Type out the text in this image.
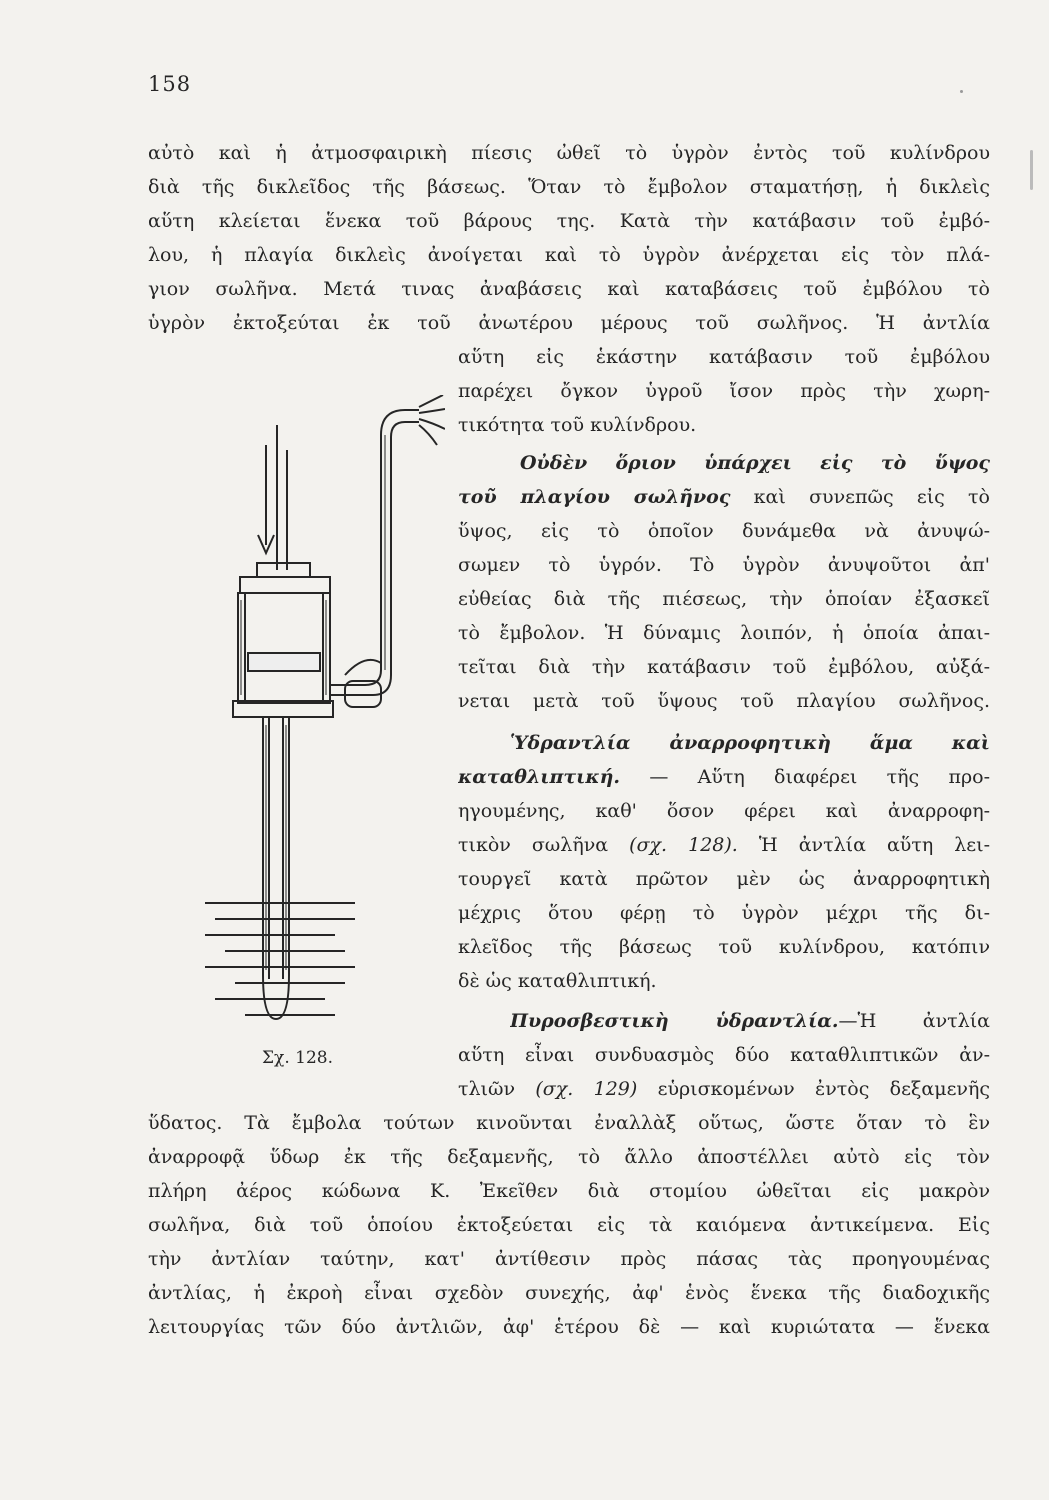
158
αὐτὸ καὶ ἡ ἀτμοσφαιρικὴ πίεσις ὠθεῖ τὸ ὑγρὸν ἐντὸς τοῦ κυλίνδρου
διὰ τῆς δικλεῖδος τῆς βάσεως. Ὅταν τὸ ἔμβολον σταματήσῃ, ἡ δικλεὶς
αὕτη κλείεται ἕνεκα τοῦ βάρους της. Κατὰ τὴν κατάβασιν τοῦ ἐμβό-
λου, ἡ πλαγία δικλεὶς ἀνοίγεται καὶ τὸ ὑγρὸν ἀνέρχεται εἰς τὸν πλά-
γιον σωλῆνα. Μετά τινας ἀναβάσεις καὶ καταβάσεις τοῦ ἐμβόλου τὸ
ὑγρὸν ἐκτοξεύται ἐκ τοῦ ἀνωτέρου μέρους τοῦ σωλῆνος. Ἡ ἀντλία
αὕτη εἰς ἑκάστην κατάβασιν τοῦ ἐμβόλου
παρέχει ὄγκον ὑγροῦ ἴσον πρὸς τὴν χωρη-
τικότητα τοῦ κυλίνδρου.
Σχ. 128.
Οὐδὲν ὅριον ὑπάρχει εἰς τὸ ὕψος
τοῦ πλαγίου σωλῆνος καὶ συνεπῶς εἰς τὸ
ὕψος, εἰς τὸ ὁποῖον δυνάμεθα νὰ ἀνυψώ-
σωμεν τὸ ὑγρόν. Τὸ ὑγρὸν ἀνυψοῦτοι ἀπ'
εὐθείας διὰ τῆς πιέσεως, τὴν ὁποίαν ἐξασκεῖ
τὸ ἔμβολον. Ἡ δύναμις λοιπόν, ἡ ὁποία ἀπαι-
τεῖται διὰ τὴν κατάβασιν τοῦ ἐμβόλου, αὐξά-
νεται μετὰ τοῦ ὕψους τοῦ πλαγίου σωλῆνος.
Ὑδραντλία ἀναρροφητικὴ ἅμα καὶ
καταθλιπτική. — Αὕτη διαφέρει τῆς προ-
ηγουμένης, καθ' ὅσον φέρει καὶ ἀναρροφη-
τικὸν σωλῆνα (σχ. 128). Ἡ ἀντλία αὕτη λει-
τουργεῖ κατὰ πρῶτον μὲν ὡς ἀναρροφητικὴ
μέχρις ὅτου φέρῃ τὸ ὑγρὸν μέχρι τῆς δι-
κλεῖδος τῆς βάσεως τοῦ κυλίνδρου, κατόπιν
δὲ ὡς καταθλιπτική.
Πυροσβεστικὴ ὑδραντλία.—Ἡ ἀντλία
αὕτη εἶναι συνδυασμὸς δύο καταθλιπτικῶν ἀν-
τλιῶν (σχ. 129) εὑρισκομένων ἐντὸς δεξαμενῆς
ὕδατος. Τὰ ἔμβολα τούτων κινοῦνται ἐναλλὰξ οὕτως, ὥστε ὅταν τὸ ἓν
ἀναρροφᾷ ὕδωρ ἐκ τῆς δεξαμενῆς, τὸ ἄλλο ἀποστέλλει αὐτὸ εἰς τὸν
πλήρη ἀέρος κώδωνα Κ. Ἐκεῖθεν διὰ στομίου ὠθεῖται εἰς μακρὸν
σωλῆνα, διὰ τοῦ ὁποίου ἐκτοξεύεται εἰς τὰ καιόμενα ἀντικείμενα. Εἰς
τὴν ἀντλίαν ταύτην, κατ' ἀντίθεσιν πρὸς πάσας τὰς προηγουμένας
ἀντλίας, ἡ ἐκροὴ εἶναι σχεδὸν συνεχής, ἀφ' ἑνὸς ἕνεκα τῆς διαδοχικῆς
λειτουργίας τῶν δύο ἀντλιῶν, ἀφ' ἑτέρου δὲ — καὶ κυριώτατα — ἕνεκα
